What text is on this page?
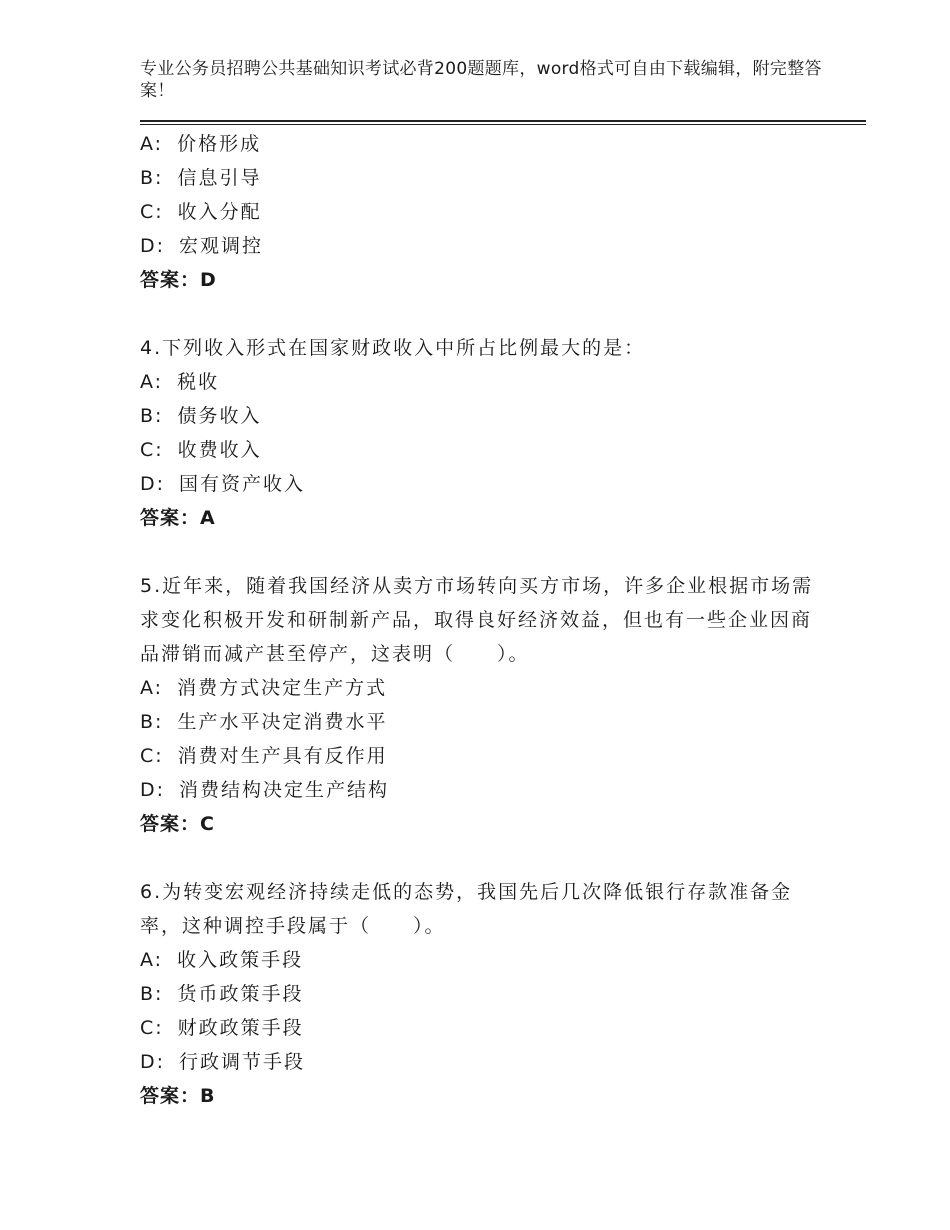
专业公务员招聘公共基础知识考试必背200题题库，word格式可自由下载编辑，附完整答案！
A: 价格形成
B: 信息引导
C: 收入分配
D: 宏观调控
答案：D
4.下列收入形式在国家财政收入中所占比例最大的是：
A: 税收
B: 债务收入
C: 收费收入
D: 国有资产收入
答案：A
5.近年来，随着我国经济从卖方市场转向买方市场，许多企业根据市场需求变化积极开发和研制新产品，取得良好经济效益，但也有一些企业因商品滞销而减产甚至停产，这表明（　　）。
A: 消费方式决定生产方式
B: 生产水平决定消费水平
C: 消费对生产具有反作用
D: 消费结构决定生产结构
答案：C
6.为转变宏观经济持续走低的态势，我国先后几次降低银行存款准备金率，这种调控手段属于（　　）。
A: 收入政策手段
B: 货币政策手段
C: 财政政策手段
D: 行政调节手段
答案：B
